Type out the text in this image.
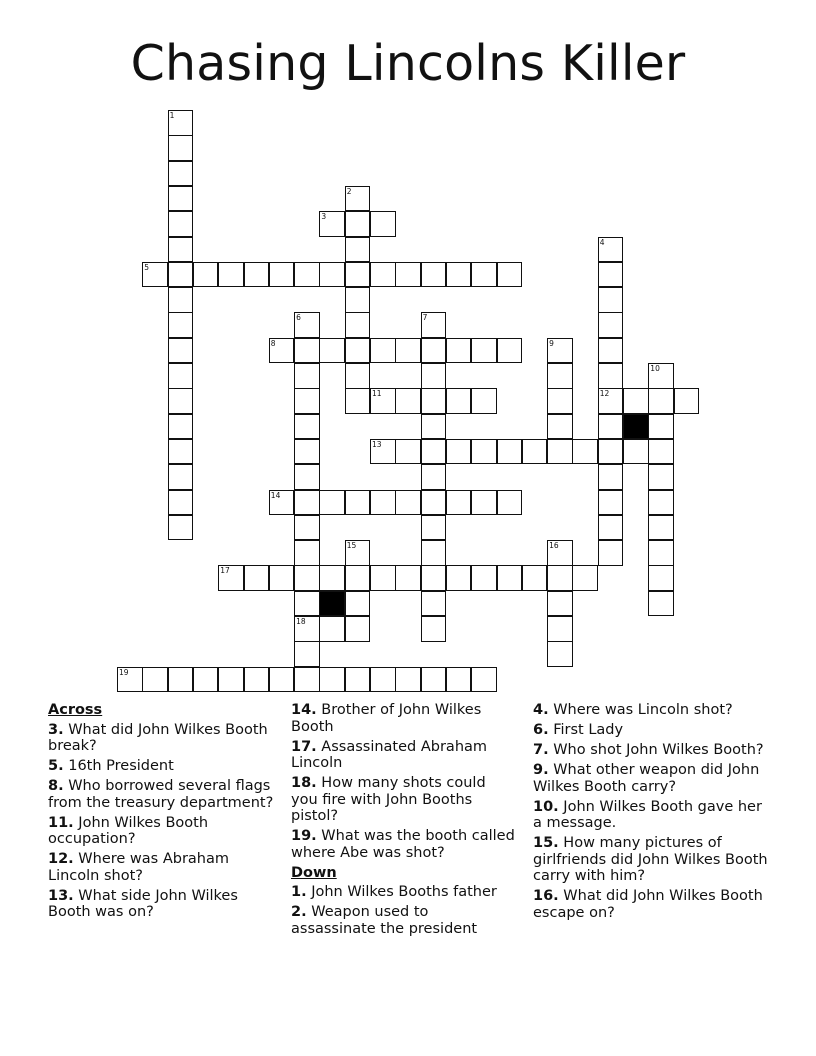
Chasing Lincolns Killer
1
2
3
4
12
5
6
18
7
8	9
10
11
13
14
15	16
17
19
Across
3. What did John Wilkes Booth break?
5. 16th President
8. Who borrowed several flags from the treasury department?
11. John Wilkes Booth occupation?
12. Where was Abraham Lincoln shot?
13. What side John Wilkes Booth was on?
14. Brother of John Wilkes Booth
17. Assassinated Abraham Lincoln
18. How many shots could you fire with John Booths pistol?
19. What was the booth called where Abe was shot?
Down
1. John Wilkes Booths father
2. Weapon used to assassinate the president
4. Where was Lincoln shot?
6. First Lady
7. Who shot John Wilkes Booth?
9. What other weapon did John Wilkes Booth carry?
10. John Wilkes Booth gave her a message.
15. How many pictures of girlfriends did John Wilkes Booth carry with him?
16. What did John Wilkes Booth escape on?
